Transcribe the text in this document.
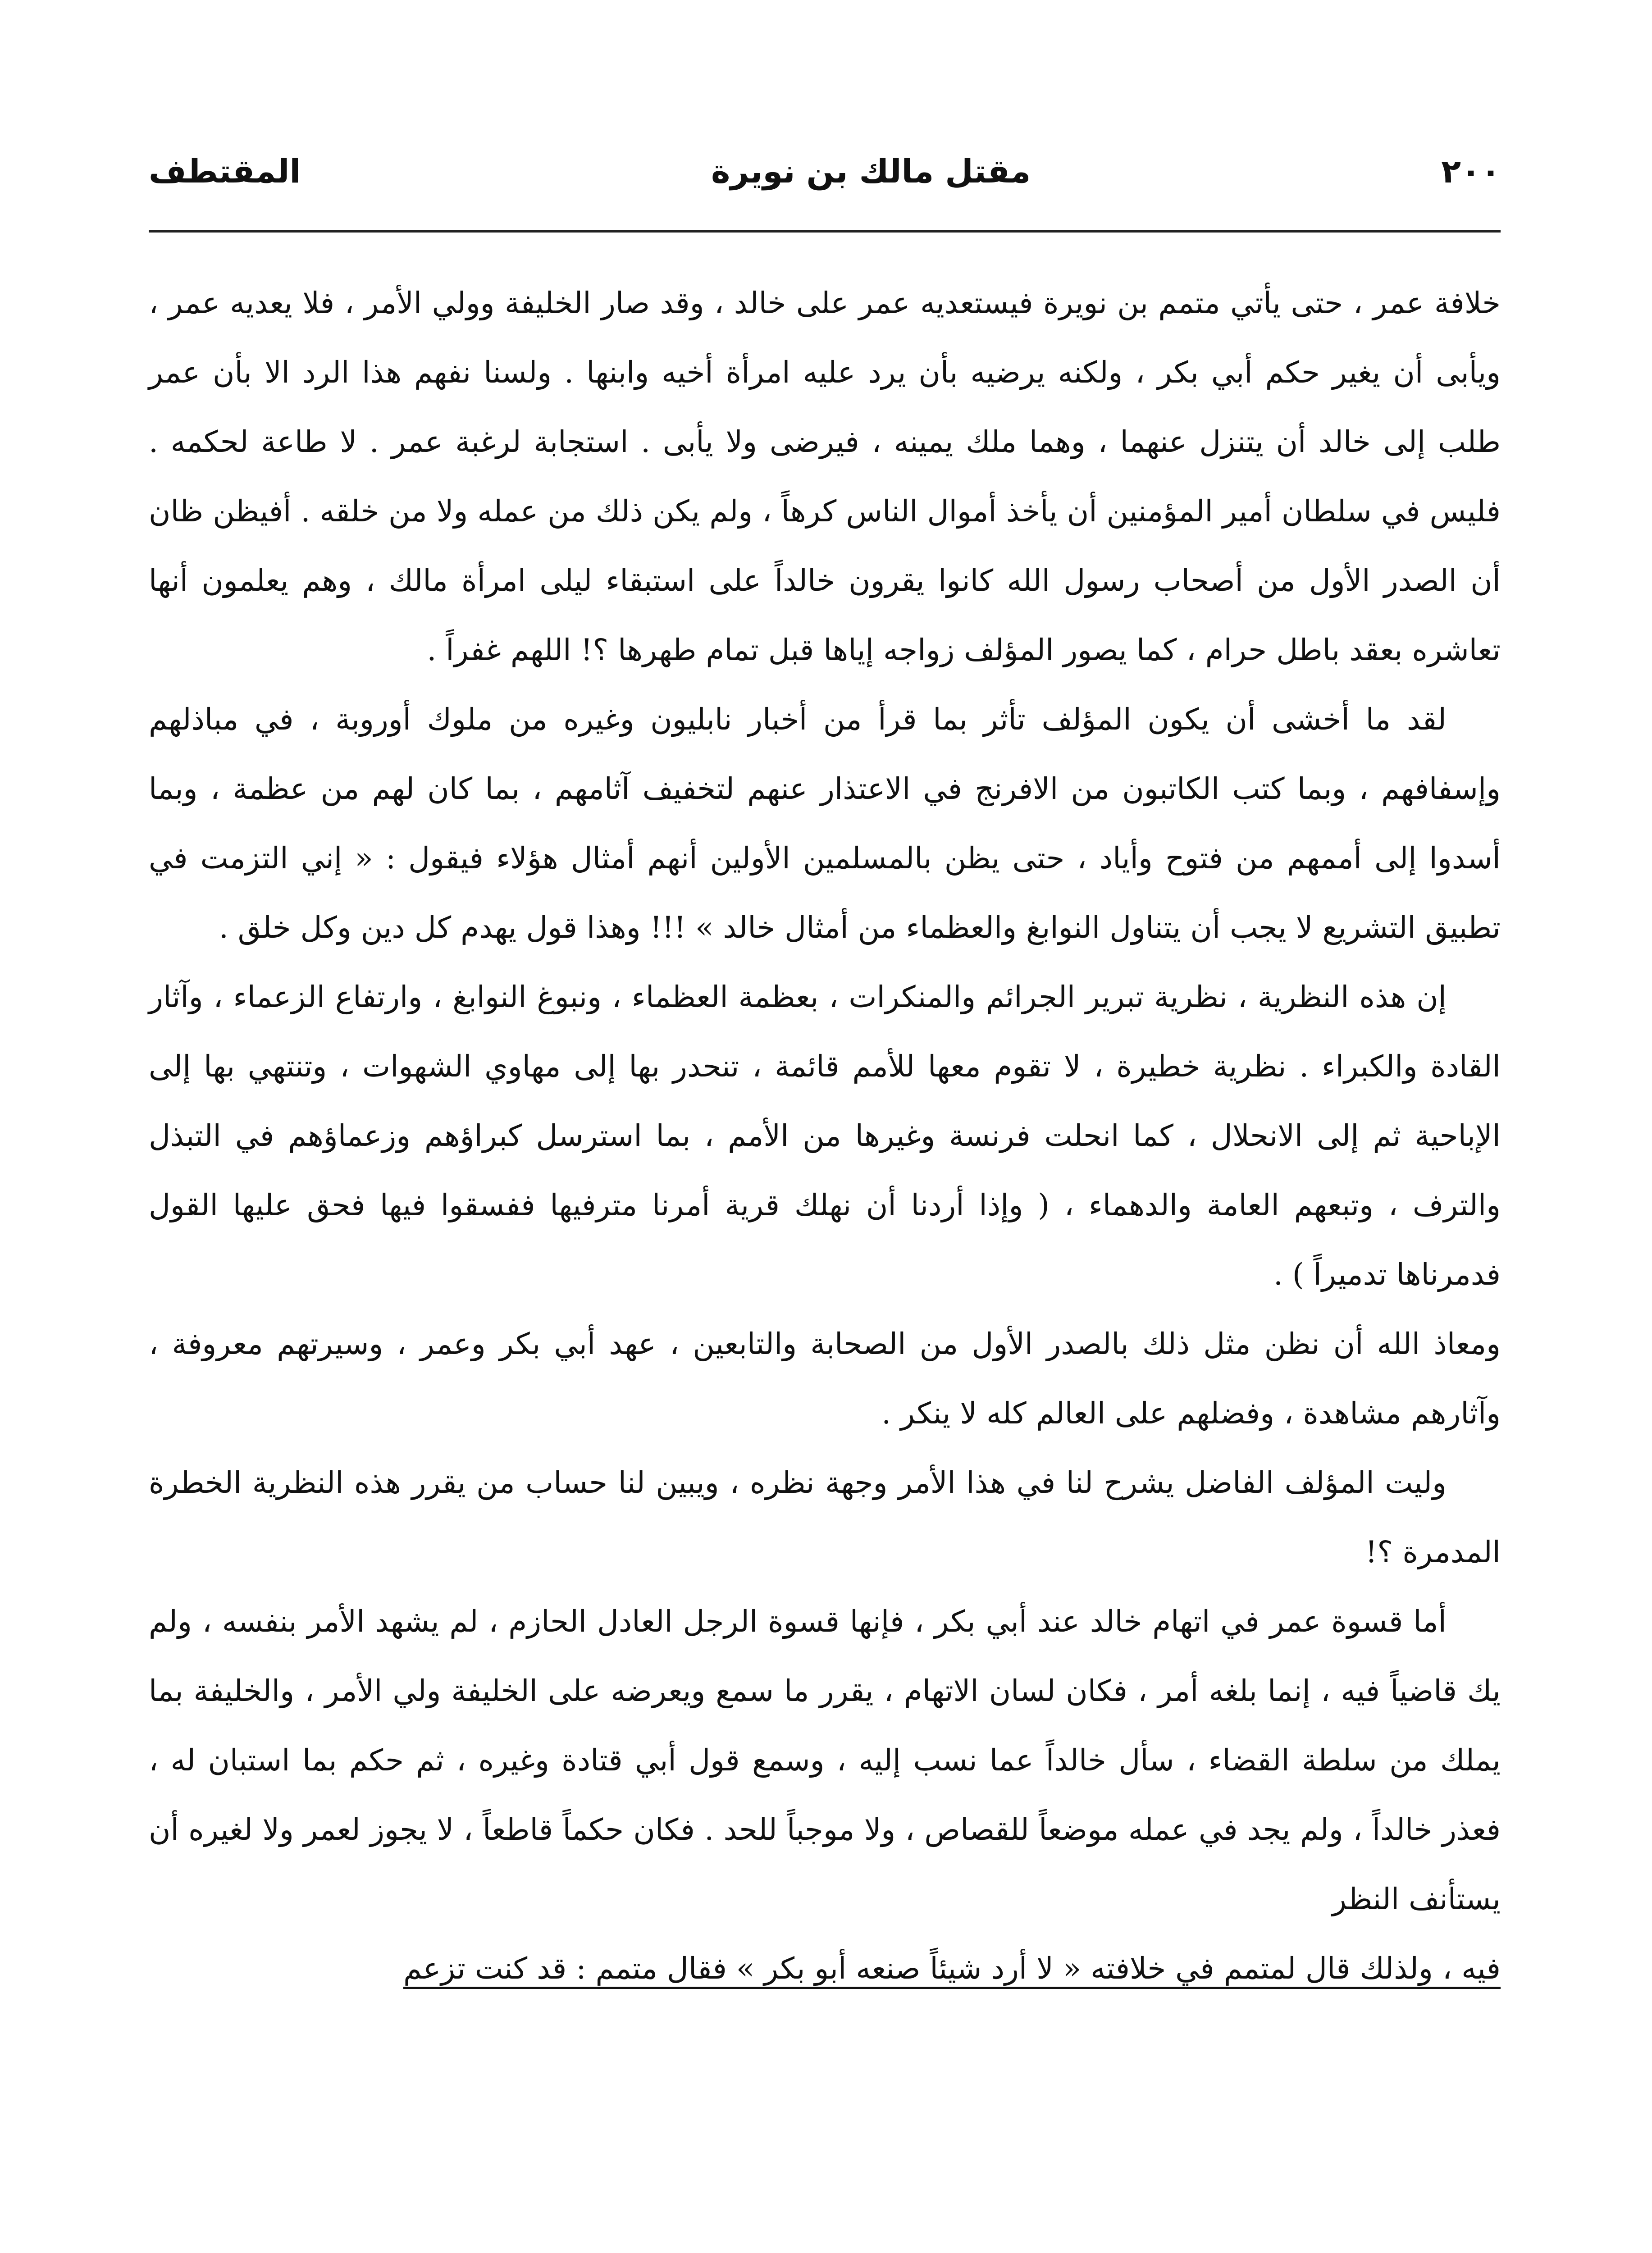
٢٠٠
مقتل مالك بن نويرة
المقتطف

خلافة عمر ، حتى يأتي متمم بن نويرة فيستعديه عمر على خالد ، وقد صار الخليفة وولي الأمر ، فلا يعديه عمر ، ويأبى أن يغير حكم أبي بكر ، ولكنه يرضيه بأن يرد عليه امرأة أخيه وابنها . ولسنا نفهم هذا الرد الا بأن عمر طلب إلى خالد أن يتنزل عنهما ، وهما ملك يمينه ، فيرضى ولا يأبى . استجابة لرغبة عمر . لا طاعة لحكمه . فليس في سلطان أمير المؤمنين أن يأخذ أموال الناس كرهاً ، ولم يكن ذلك من عمله ولا من خلقه . أفيظن ظان أن الصدر الأول من أصحاب رسول الله كانوا يقرون خالداً على استبقاء ليلى امرأة مالك ، وهم يعلمون أنها تعاشره بعقد باطل حرام ، كما يصور المؤلف زواجه إياها قبل تمام طهرها ؟! اللهم غفراً .

لقد ما أخشى أن يكون المؤلف تأثر بما قرأ من أخبار نابليون وغيره من ملوك أوروبة ، في مباذلهم وإسفافهم ، وبما كتب الكاتبون من الافرنج في الاعتذار عنهم لتخفيف آثامهم ، بما كان لهم من عظمة ، وبما أسدوا إلى أممهم من فتوح وأياد ، حتى يظن بالمسلمين الأولين أنهم أمثال هؤلاء فيقول : « إني التزمت في تطبيق التشريع لا يجب أن يتناول النوابغ والعظماء من أمثال خالد » !!! وهذا قول يهدم كل دين وكل خلق .

إن هذه النظرية ، نظرية تبرير الجرائم والمنكرات ، بعظمة العظماء ، ونبوغ النوابغ ، وارتفاع الزعماء ، وآثار القادة والكبراء . نظرية خطيرة ، لا تقوم معها للأمم قائمة ، تنحدر بها إلى مهاوي الشهوات ، وتنتهي بها إلى الإباحية ثم إلى الانحلال ، كما انحلت فرنسة وغيرها من الأمم ، بما استرسل كبراؤهم وزعماؤهم في التبذل والترف ، وتبعهم العامة والدهماء ، ( وإذا أردنا أن نهلك قرية أمرنا مترفيها ففسقوا فيها فحق عليها القول فدمرناها تدميراً ) .

ومعاذ الله أن نظن مثل ذلك بالصدر الأول من الصحابة والتابعين ، عهد أبي بكر وعمر ، وسيرتهم معروفة ، وآثارهم مشاهدة ، وفضلهم على العالم كله لا ينكر .

وليت المؤلف الفاضل يشرح لنا في هذا الأمر وجهة نظره ، ويبين لنا حساب من يقرر هذه النظرية الخطرة المدمرة ؟!

أما قسوة عمر في اتهام خالد عند أبي بكر ، فإنها قسوة الرجل العادل الحازم ، لم يشهد الأمر بنفسه ، ولم يك قاضياً فيه ، إنما بلغه أمر ، فكان لسان الاتهام ، يقرر ما سمع ويعرضه على الخليفة ولي الأمر ، والخليفة بما يملك من سلطة القضاء ، سأل خالداً عما نسب إليه ، وسمع قول أبي قتادة وغيره ، ثم حكم بما استبان له ، فعذر خالداً ، ولم يجد في عمله موضعاً للقصاص ، ولا موجباً للحد . فكان حكماً قاطعاً ، لا يجوز لعمر ولا لغيره أن يستأنف النظر

فيه ، ولذلك قال لمتمم في خلافته « لا أرد شيئاً صنعه أبو بكر » فقال متمم : قد كنت تزعم
